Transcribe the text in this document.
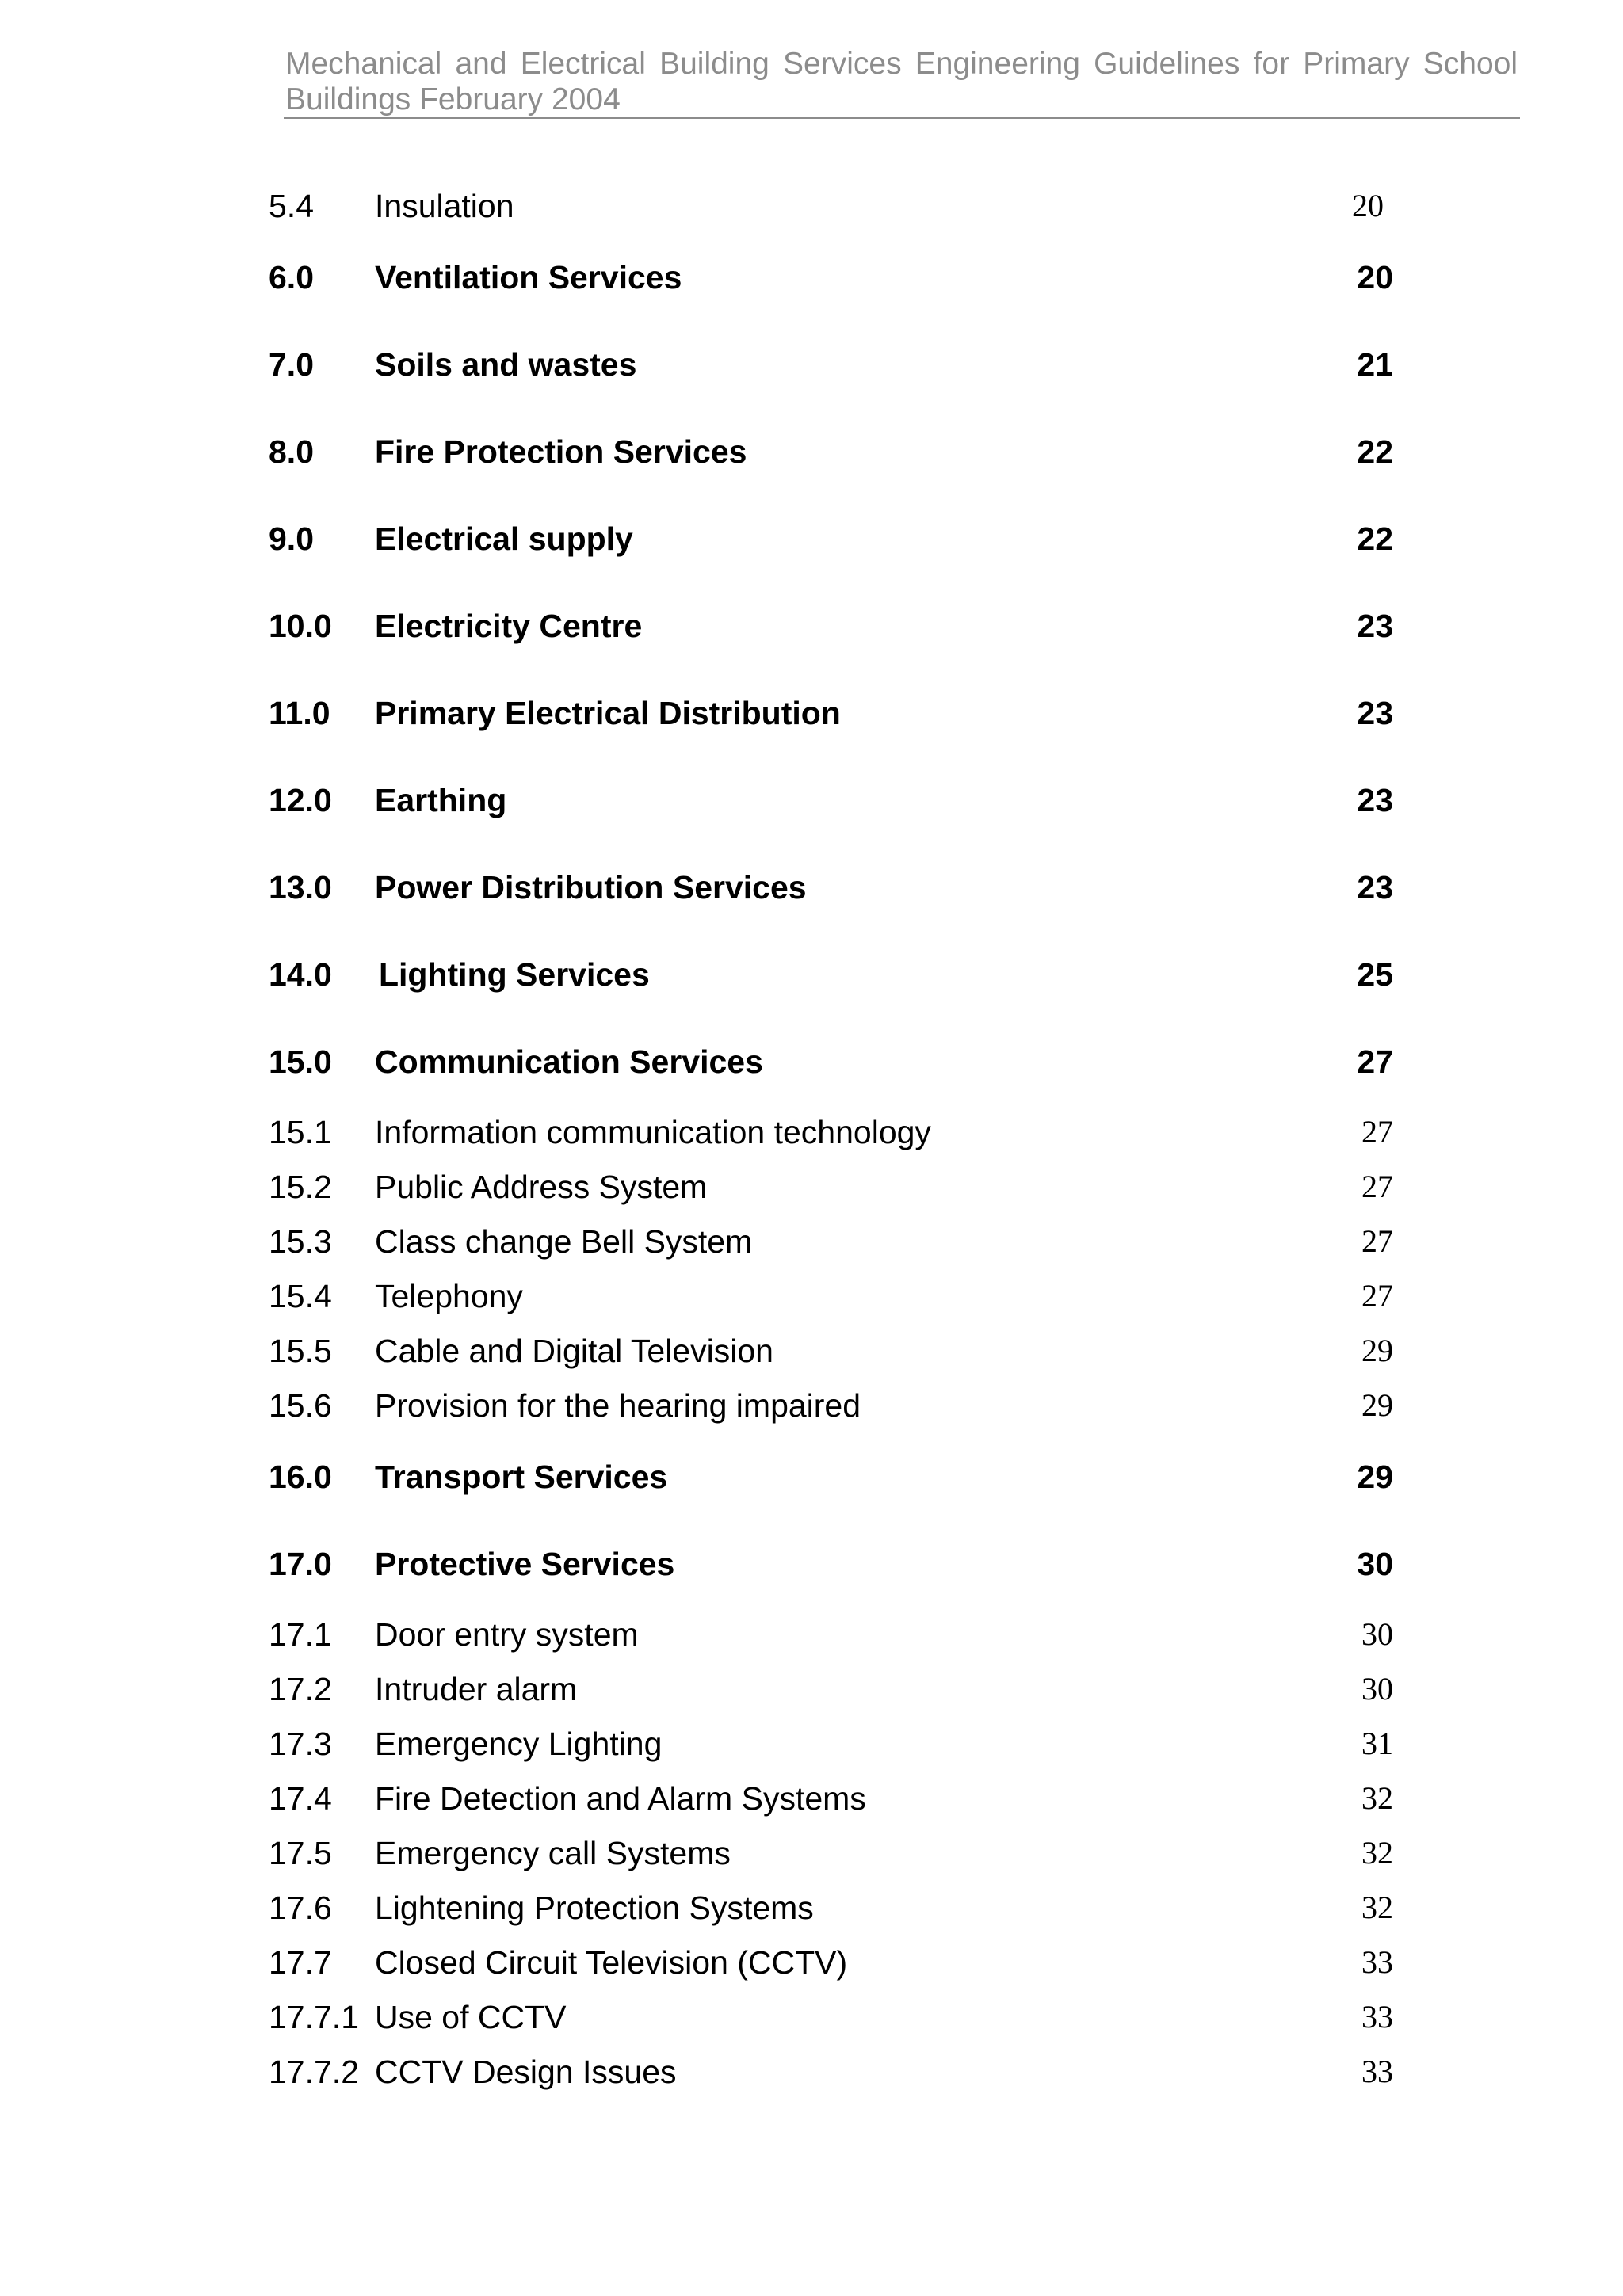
Mechanical and Electrical Building Services Engineering Guidelines for Primary School
Buildings February 2004
5.4 Insulation	20
6.0 Ventilation Services	20
7.0 Soils and wastes	21
8.0 Fire Protection Services	22
9.0 Electrical supply	22
10.0 Electricity Centre	23
11.0 Primary Electrical Distribution	23
12.0 Earthing	23
13.0 Power Distribution Services	23
14.0 Lighting Services	25
15.0 Communication Services	27
15.1 Information communication technology	27
15.2 Public Address System	27
15.3 Class change Bell System	27
15.4 Telephony	27
15.5 Cable and Digital Television	29
15.6 Provision for the hearing impaired	29
16.0 Transport Services	29
17.0 Protective Services	30
17.1 Door entry system	30
17.2 Intruder alarm	30
17.3 Emergency Lighting	31
17.4 Fire Detection and Alarm Systems	32
17.5 Emergency call Systems	32
17.6 Lightening Protection Systems	32
17.7 Closed Circuit Television (CCTV)	33
17.7.1 Use of CCTV	33
17.7.2 CCTV Design Issues	33
